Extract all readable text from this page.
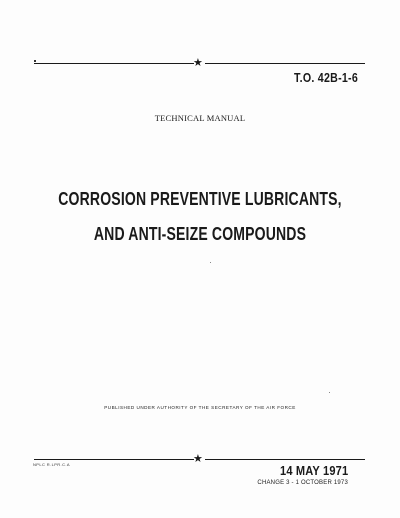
★
T.O. 42B-1-6
TECHNICAL MANUAL
CORROSION PREVENTIVE LUBRICANTS,
AND ANTI-SEIZE COMPOUNDS
PUBLISHED UNDER AUTHORITY OF THE SECRETARY OF THE AIR FORCE
NPLC R.LPR.C.A	★
14 MAY 1971
CHANGE 3 - 1 OCTOBER 1973
